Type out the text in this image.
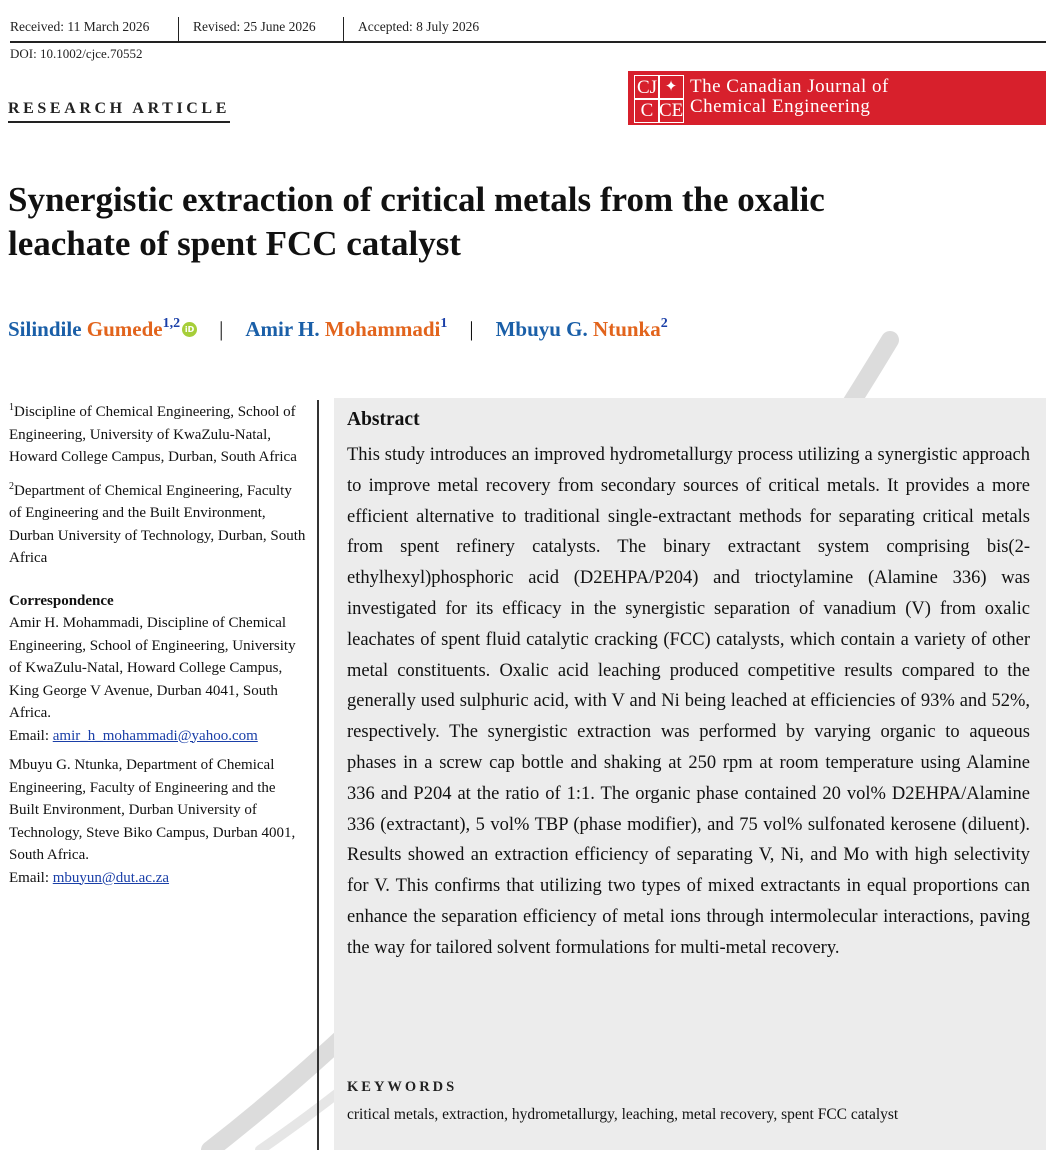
Received: 11 March 2026	Revised: 25 June 2026	Accepted: 8 July 2026
DOI: 10.1002/cjce.70552
RESEARCH ARTICLE
CJ ✦
C CE
The Canadian Journal of
Chemical Engineering
Synergistic extraction of critical metals from the oxalic
leachate of spent FCC catalyst
Silindile Gumede$^{1,2}$ iD | Amir H. Mohammadi$^1$ | Mbuyu G. Ntunka$^2$

$^1$Discipline of Chemical Engineering, School of Engineering, University of KwaZulu-Natal, Howard College Campus, Durban, South Africa

$^2$Department of Chemical Engineering, Faculty of Engineering and the Built Environment, Durban University of Technology, Durban, South Africa

Correspondence

Amir H. Mohammadi, Discipline of Chemical Engineering, School of Engineering, University of KwaZulu-Natal, Howard College Campus, King George V Avenue, Durban 4041, South Africa.

Email: amir_h_mohammadi@yahoo.com

Mbuyu G. Ntunka, Department of Chemical Engineering, Faculty of Engineering and the Built Environment, Durban University of Technology, Steve Biko Campus, Durban 4001, South Africa.

Email: mbuyun@dut.ac.za

Abstract
This study introduces an improved hydrometallurgy process utilizing a synergistic approach to improve metal recovery from secondary sources of critical metals. It provides a more efficient alternative to traditional single-extractant methods for separating critical metals from spent refinery catalysts. The binary extractant system comprising bis(2-ethylhexyl)phosphoric acid (D2EHPA/P204) and trioctylamine (Alamine 336) was investigated for its efficacy in the synergistic separation of vanadium (V) from oxalic leachates of spent fluid catalytic cracking (FCC) catalysts, which contain a variety of other metal constituents. Oxalic acid leaching produced competitive results compared to the generally used sulphuric acid, with V and Ni being leached at efficiencies of 93% and 52%, respectively. The synergistic extraction was performed by varying organic to aqueous phases in a screw cap bottle and shaking at 250 rpm at room temperature using Alamine 336 and P204 at the ratio of 1:1. The organic phase contained 20 vol% D2EHPA/Alamine 336 (extractant), 5 vol% TBP (phase modifier), and 75 vol% sulfonated kerosene (diluent). Results showed an extraction efficiency of separating V, Ni, and Mo with high selectivity for V. This confirms that utilizing two types of mixed extractants in equal proportions can enhance the separation efficiency of metal ions through intermolecular interactions, paving the way for tailored solvent formulations for multi-metal recovery.
KEYWORDS
critical metals, extraction, hydrometallurgy, leaching, metal recovery, spent FCC catalyst
